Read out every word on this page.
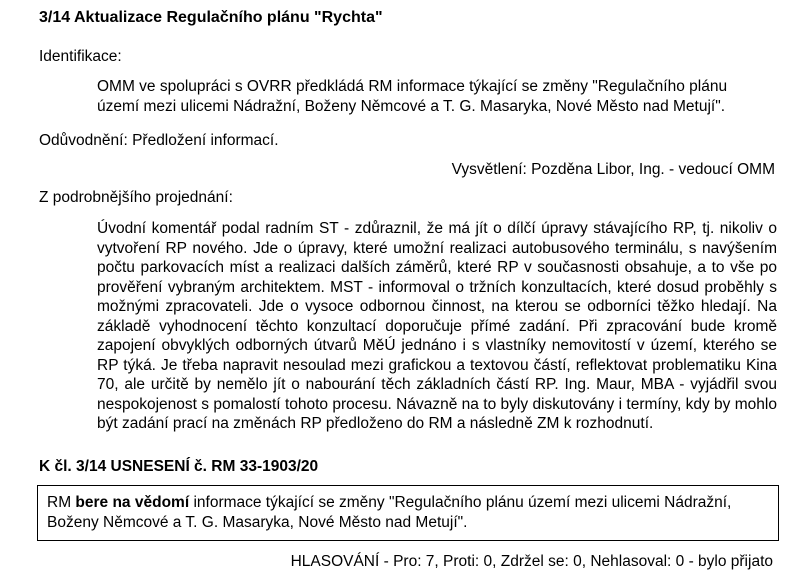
3/14 Aktualizace Regulačního plánu "Rychta"
Identifikace:
OMM ve spolupráci s OVRR předkládá RM informace týkající se změny "Regulačního plánu
území mezi ulicemi Nádražní, Boženy Němcové a T. G. Masaryka, Nové Město nad Metují".
Odůvodnění: Předložení informací.
Vysvětlení: Pozděna Libor, Ing. - vedoucí OMM
Z podrobnějšího projednání:
Úvodní komentář podal radním ST - zdůraznil, že má jít o dílčí úpravy stávajícího RP, tj. nikoliv o vytvoření RP nového. Jde o úpravy, které umožní realizaci autobusového terminálu, s navýšením počtu parkovacích míst a realizaci dalších záměrů, které RP v současnosti obsahuje, a to vše po prověření vybraným architektem. MST - informoval o tržních konzultacích, které dosud proběhly s možnými zpracovateli. Jde o vysoce odbornou činnost, na kterou se odborníci těžko hledají. Na základě vyhodnocení těchto konzultací doporučuje přímé zadání. Při zpracování bude kromě zapojení obvyklých odborných útvarů MěÚ jednáno i s vlastníky nemovitostí v území, kterého se RP týká. Je třeba napravit nesoulad mezi grafickou a textovou částí, reflektovat problematiku Kina 70, ale určitě by nemělo jít o nabourání těch základních částí RP. Ing. Maur, MBA - vyjádřil svou nespokojenost s pomalostí tohoto procesu. Návazně na to byly diskutovány i termíny, kdy by mohlo být zadání prací na změnách RP předloženo do RM a následně ZM k rozhodnutí.
K čl. 3/14 USNESENÍ č. RM 33-1903/20
RM bere na vědomí informace týkající se změny "Regulačního plánu území mezi ulicemi Nádražní, Boženy Němcové a T. G. Masaryka, Nové Město nad Metují".
HLASOVÁNÍ - Pro: 7, Proti: 0, Zdržel se: 0, Nehlasoval: 0 - bylo přijato
